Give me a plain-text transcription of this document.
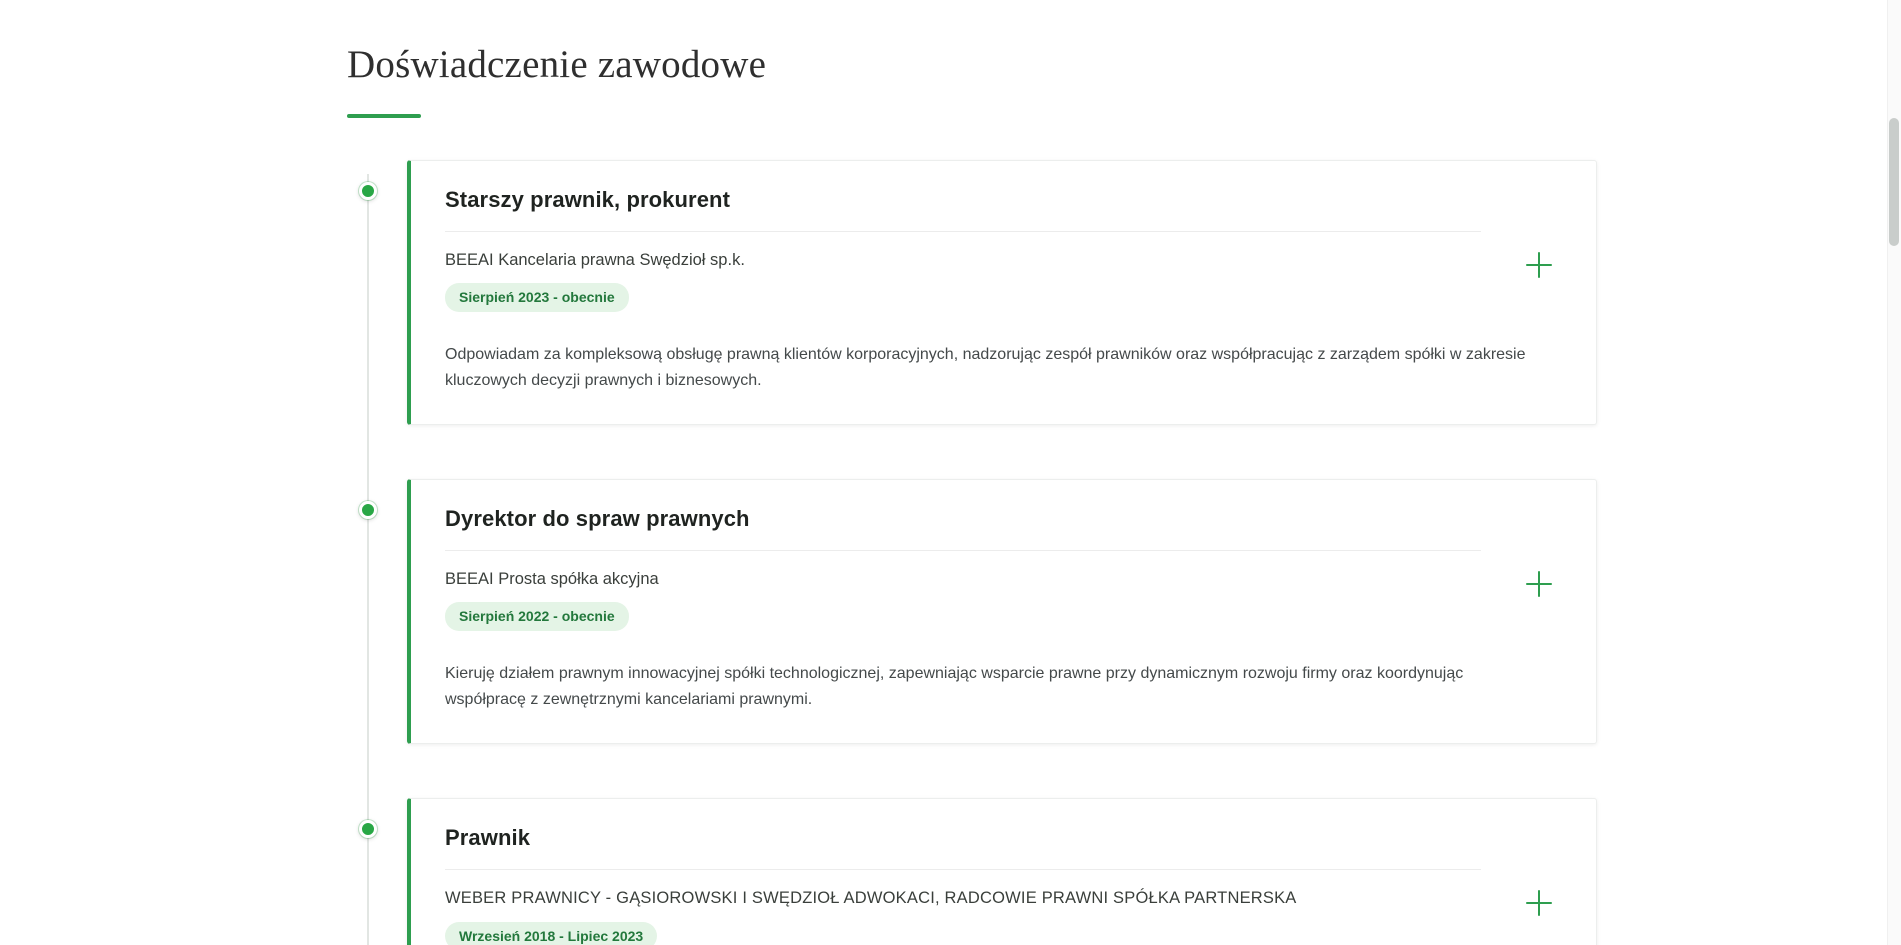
Doświadczenie zawodowe
Starszy prawnik, prokurent

BEEAI Kancelaria prawna Swędzioł sp.k.

Sierpień 2023 - obecnie

Odpowiadam za kompleksową obsługę prawną klientów korporacyjnych, nadzorując zespół prawników oraz współpracując z zarządem spółki w zakresie kluczowych decyzji prawnych i biznesowych.

Dyrektor do spraw prawnych

BEEAI Prosta spółka akcyjna

Sierpień 2022 - obecnie

Kieruję działem prawnym innowacyjnej spółki technologicznej, zapewniając wsparcie prawne przy dynamicznym rozwoju firmy oraz koordynując współpracę z zewnętrznymi kancelariami prawnymi.

Prawnik

WEBER PRAWNICY - GĄSIOROWSKI I SWĘDZIOŁ ADWOKACI, RADCOWIE PRAWNI SPÓŁKA PARTNERSKA

Wrzesień 2018 - Lipiec 2023
